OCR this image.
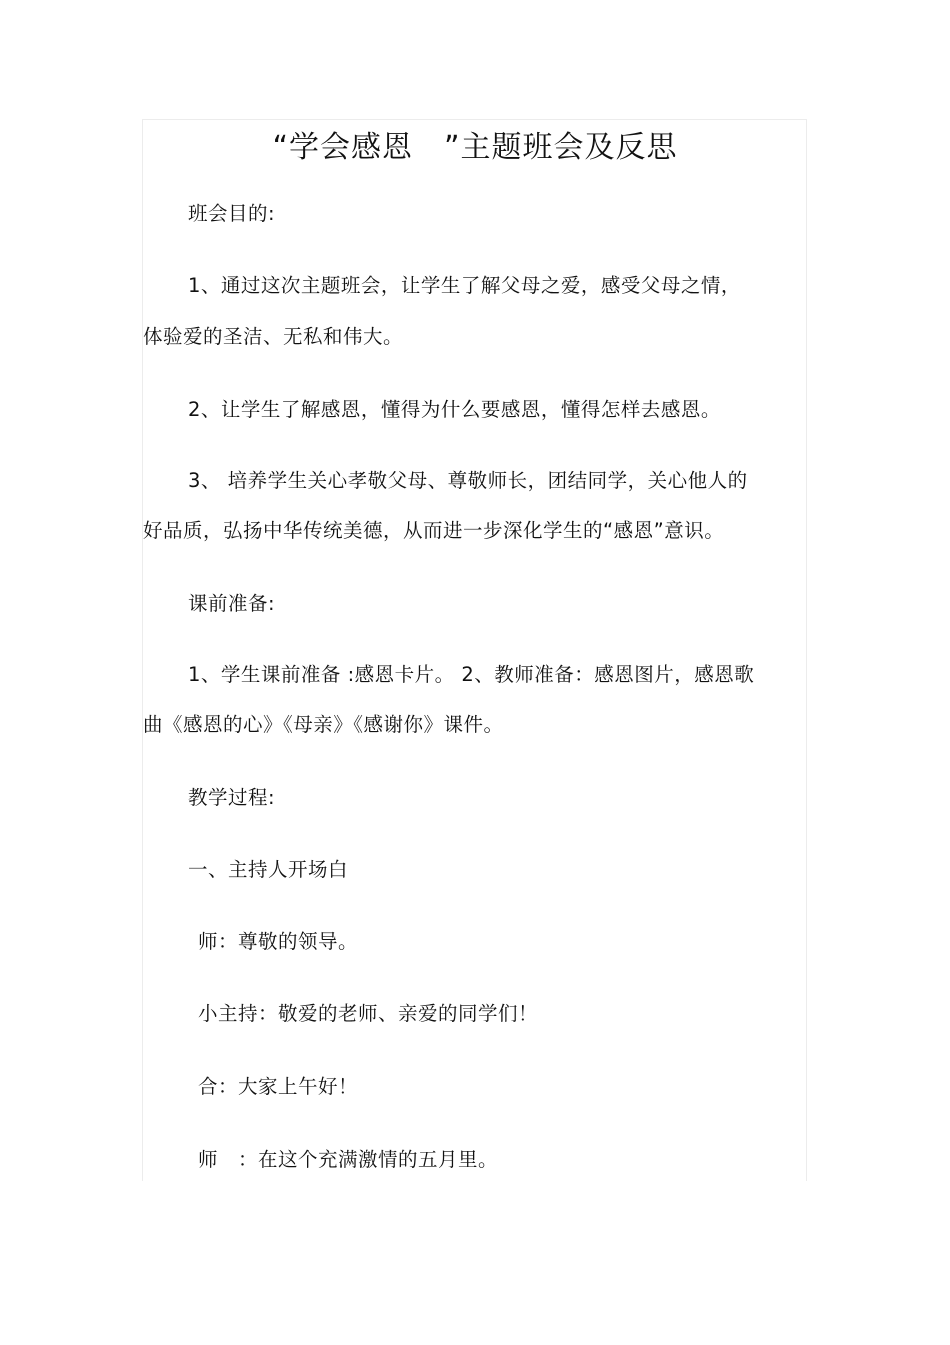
“学会感恩　”主题班会及反思
班会目的:
1、通过这次主题班会，让学生了解父母之爱，感受父母之情，
体验爱的圣洁、无私和伟大。
2、让学生了解感恩，懂得为什么要感恩，懂得怎样去感恩。
3、 培养学生关心孝敬父母、尊敬师长，团结同学，关心他人的
好品质，弘扬中华传统美德，从而进一步深化学生的“感恩”意识。
课前准备:
1、学生课前准备 :感恩卡片。 2、教师准备：感恩图片，感恩歌
曲《感恩的心》《母亲》《感谢你》课件。
教学过程:
一、主持人开场白
师：尊敬的领导。
小主持：敬爱的老师、亲爱的同学们！
合：大家上午好！
师　：在这个充满激情的五月里。
